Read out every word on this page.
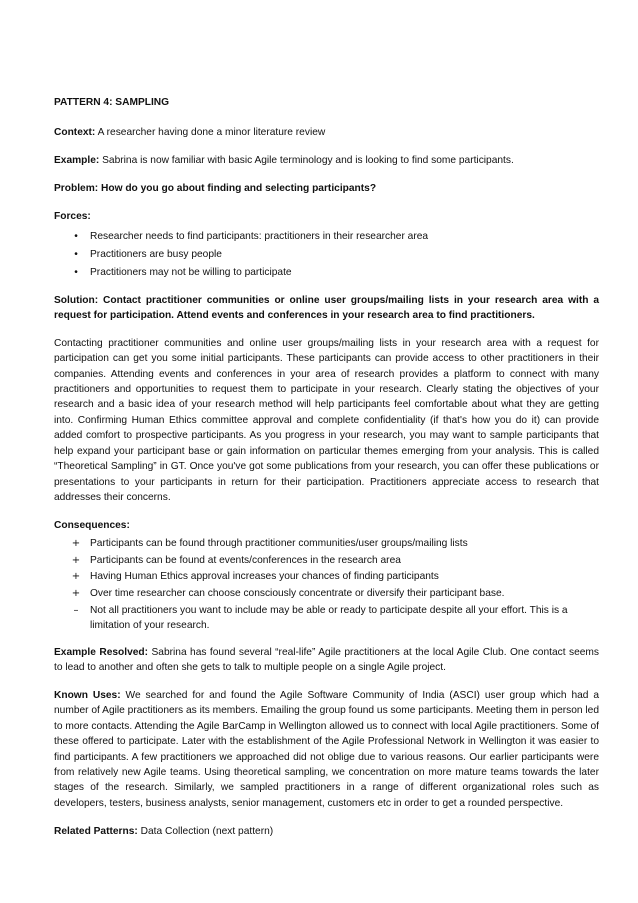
PATTERN 4: SAMPLING

Context: A researcher having done a minor literature review

Example: Sabrina is now familiar with basic Agile terminology and is looking to find some participants.

Problem: How do you go about finding and selecting participants?

Forces:

•	Researcher needs to find participants: practitioners in their researcher area
•	Practitioners are busy people
•	Practitioners may not be willing to participate

Solution: Contact practitioner communities or online user groups/mailing lists in your research area with a request for participation. Attend events and conferences in your research area to find practitioners.

Contacting practitioner communities and online user groups/mailing lists in your research area with a request for participation can get you some initial participants. These participants can provide access to other practitioners in their companies. Attending events and conferences in your area of research provides a platform to connect with many practitioners and opportunities to request them to participate in your research. Clearly stating the objectives of your research and a basic idea of your research method will help participants feel comfortable about what they are getting into. Confirming Human Ethics committee approval and complete confidentiality (if that's how you do it) can provide added comfort to prospective participants. As you progress in your research, you may want to sample participants that help expand your participant base or gain information on particular themes emerging from your analysis. This is called “Theoretical Sampling” in GT. Once you've got some publications from your research, you can offer these publications or presentations to your participants in return for their participation. Practitioners appreciate access to research that addresses their concerns.

Consequences:

+ Participants can be found through practitioner communities/user groups/mailing lists
+ Participants can be found at events/conferences in the research area
+ Having Human Ethics approval increases your chances of finding participants
+ Over time researcher can choose consciously concentrate or diversify their participant base.
–	Not all practitioners you want to include may be able or ready to participate despite all your effort. This is a limitation of your research.

Example Resolved: Sabrina has found several “real-life” Agile practitioners at the local Agile Club. One contact seems to lead to another and often she gets to talk to multiple people on a single Agile project.

Known Uses: We searched for and found the Agile Software Community of India (ASCI) user group which had a number of Agile practitioners as its members. Emailing the group found us some participants. Meeting them in person led to more contacts. Attending the Agile BarCamp in Wellington allowed us to connect with local Agile practitioners. Some of these offered to participate. Later with the establishment of the Agile Professional Network in Wellington it was easier to find participants. A few practitioners we approached did not oblige due to various reasons. Our earlier participants were from relatively new Agile teams. Using theoretical sampling, we concentration on more mature teams towards the later stages of the research. Similarly, we sampled practitioners in a range of different organizational roles such as developers, testers, business analysts, senior management, customers etc in order to get a rounded perspective.

Related Patterns: Data Collection (next pattern)
